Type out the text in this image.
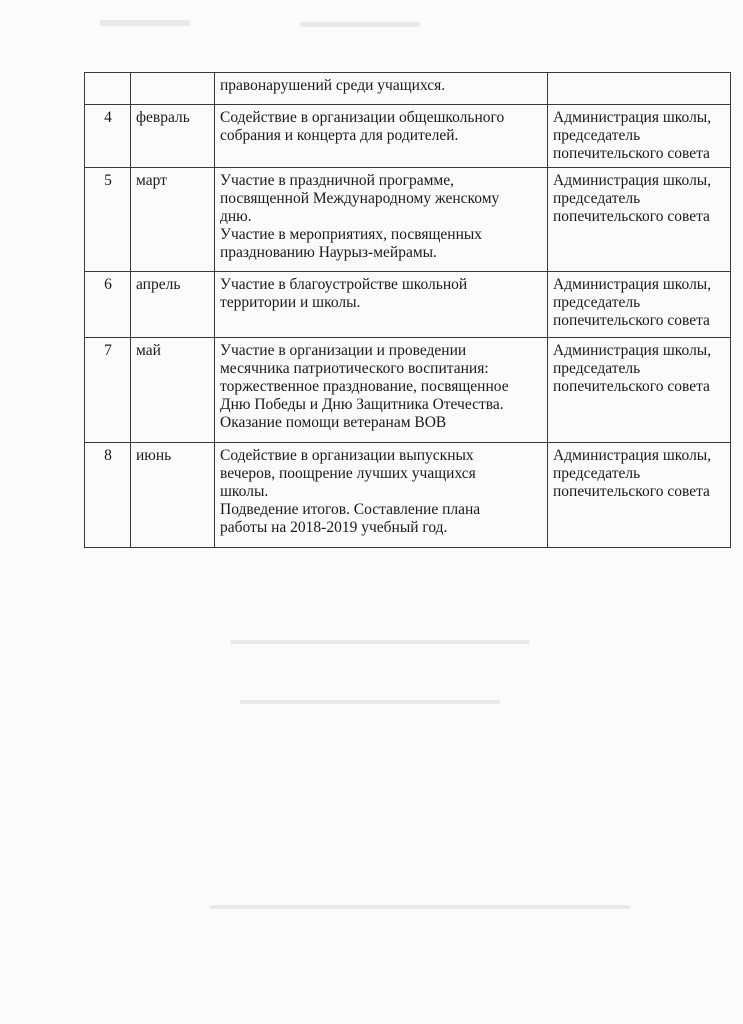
		правонарушений среди учащихся.	

4	февраль	Содействие в организации общешкольного
собрания и концерта для родителей.	Администрация школы,
председатель
попечительского совета

5	март	Участие в праздничной программе,
посвященной Международному женскому
дню.
Участие в мероприятиях, посвященных
празднованию Наурыз-мейрамы.	Администрация школы,
председатель
попечительского совета

6	апрель	Участие в благоустройстве школьной
территории и школы.	Администрация школы,
председатель
попечительского совета

7	май	Участие в организации и проведении
месячника патриотического воспитания:
торжественное празднование, посвященное
Дню Победы и Дню Защитника Отечества.
Оказание помощи ветеранам ВОВ	Администрация школы,
председатель
попечительского совета

8	июнь	Содействие в организации выпускных
вечеров, поощрение лучших учащихся
школы.
Подведение итогов. Составление плана
работы на 2018-2019 учебный год.	Администрация школы,
председатель
попечительского совета
